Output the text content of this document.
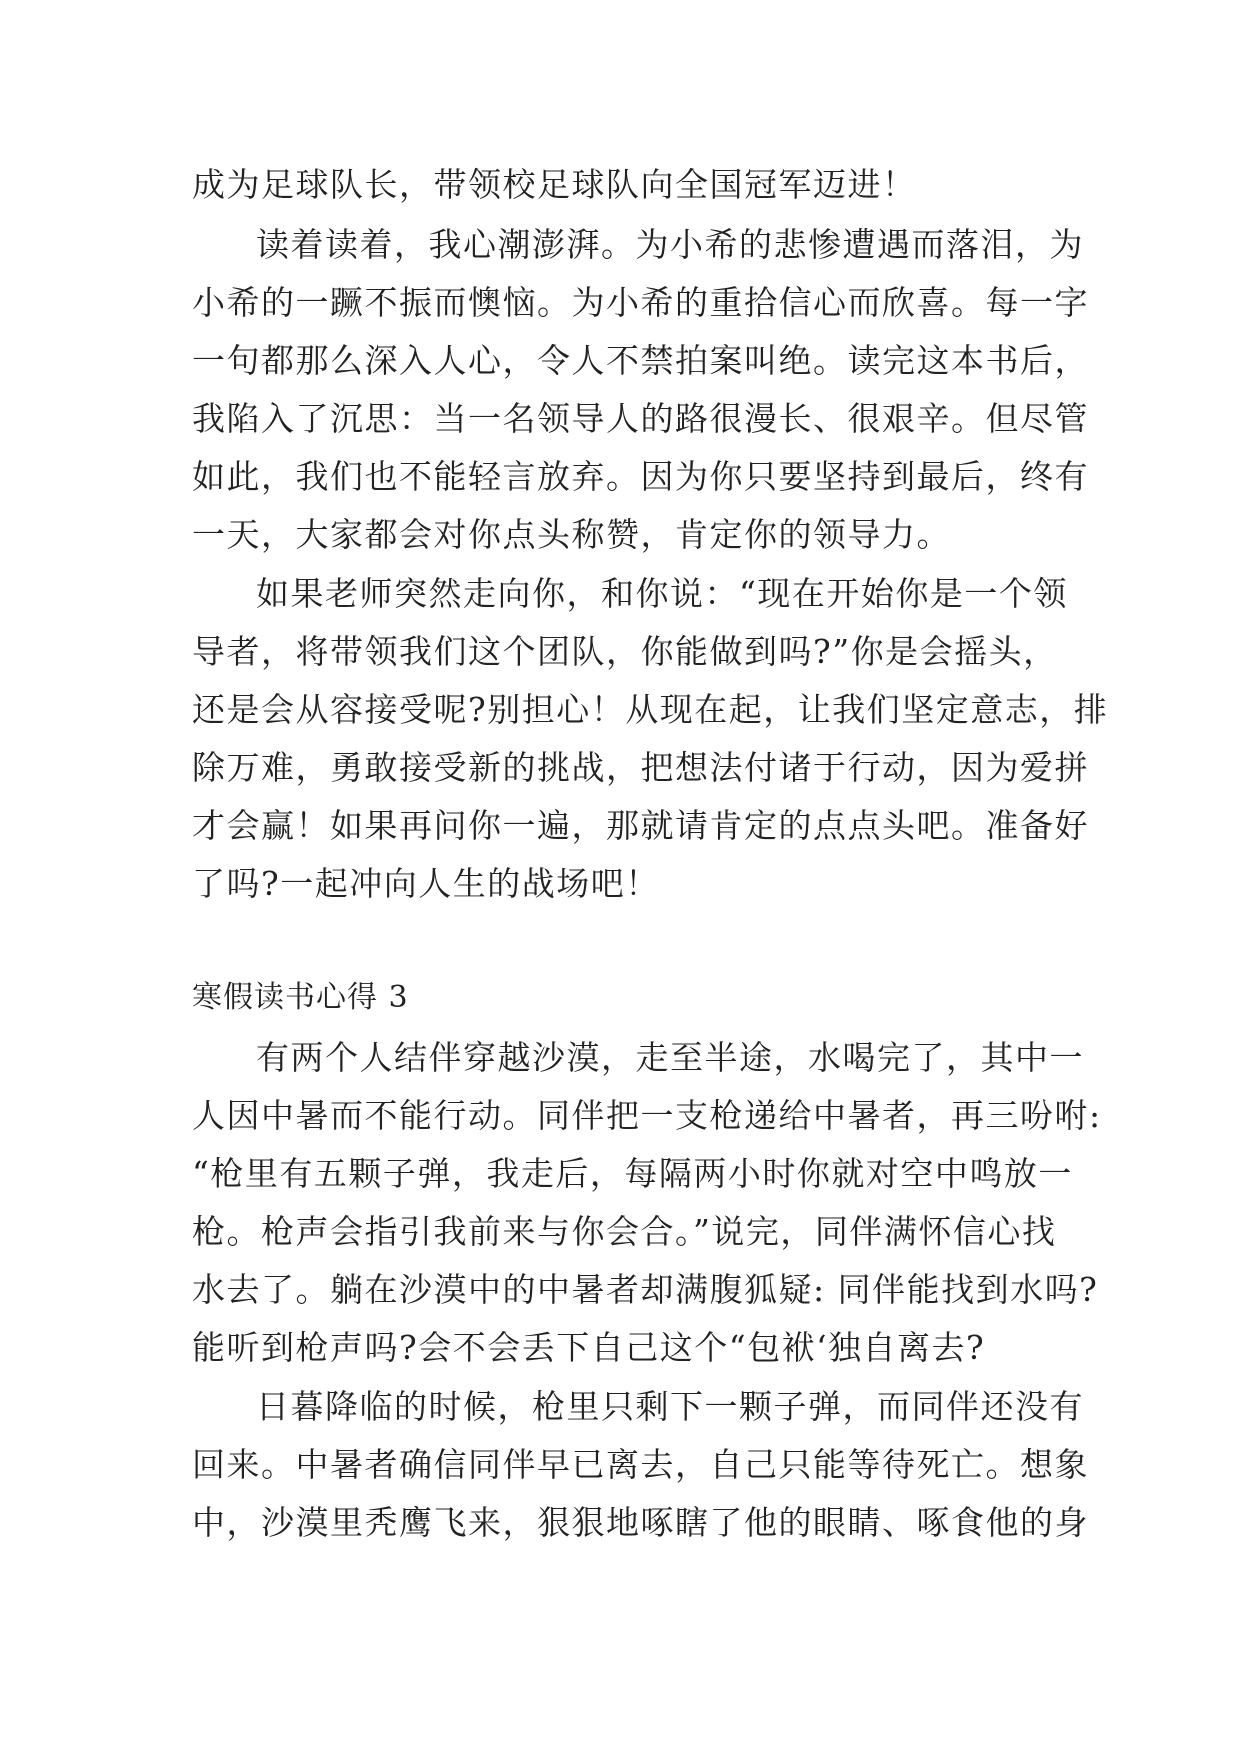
成为足球队长，带领校足球队向全国冠军迈进！
读着读着，我心潮澎湃。为小希的悲惨遭遇而落泪，为
小希的一蹶不振而懊恼。为小希的重拾信心而欣喜。每一字
一句都那么深入人心，令人不禁拍案叫绝。读完这本书后，
我陷入了沉思：当一名领导人的路很漫长、很艰辛。但尽管
如此，我们也不能轻言放弃。因为你只要坚持到最后，终有
一天，大家都会对你点头称赞，肯定你的领导力。
如果老师突然走向你，和你说：“现在开始你是一个领
导者，将带领我们这个团队，你能做到吗?”你是会摇头，
还是会从容接受呢?别担心！从现在起，让我们坚定意志，排
除万难，勇敢接受新的挑战，把想法付诸于行动，因为爱拼
才会赢！如果再问你一遍，那就请肯定的点点头吧。准备好
了吗?一起冲向人生的战场吧！
寒假读书心得 3
有两个人结伴穿越沙漠，走至半途，水喝完了，其中一
人因中暑而不能行动。同伴把一支枪递给中暑者，再三吩咐:
“枪里有五颗子弹，我走后，每隔两小时你就对空中鸣放一
枪。枪声会指引我前来与你会合。”说完，同伴满怀信心找
水去了。躺在沙漠中的中暑者却满腹狐疑: 同伴能找到水吗?
能听到枪声吗?会不会丢下自己这个“包袱‘独自离去?
日暮降临的时候，枪里只剩下一颗子弹，而同伴还没有
回来。中暑者确信同伴早已离去，自己只能等待死亡。想象
中，沙漠里秃鹰飞来，狠狠地啄瞎了他的眼睛、啄食他的身
